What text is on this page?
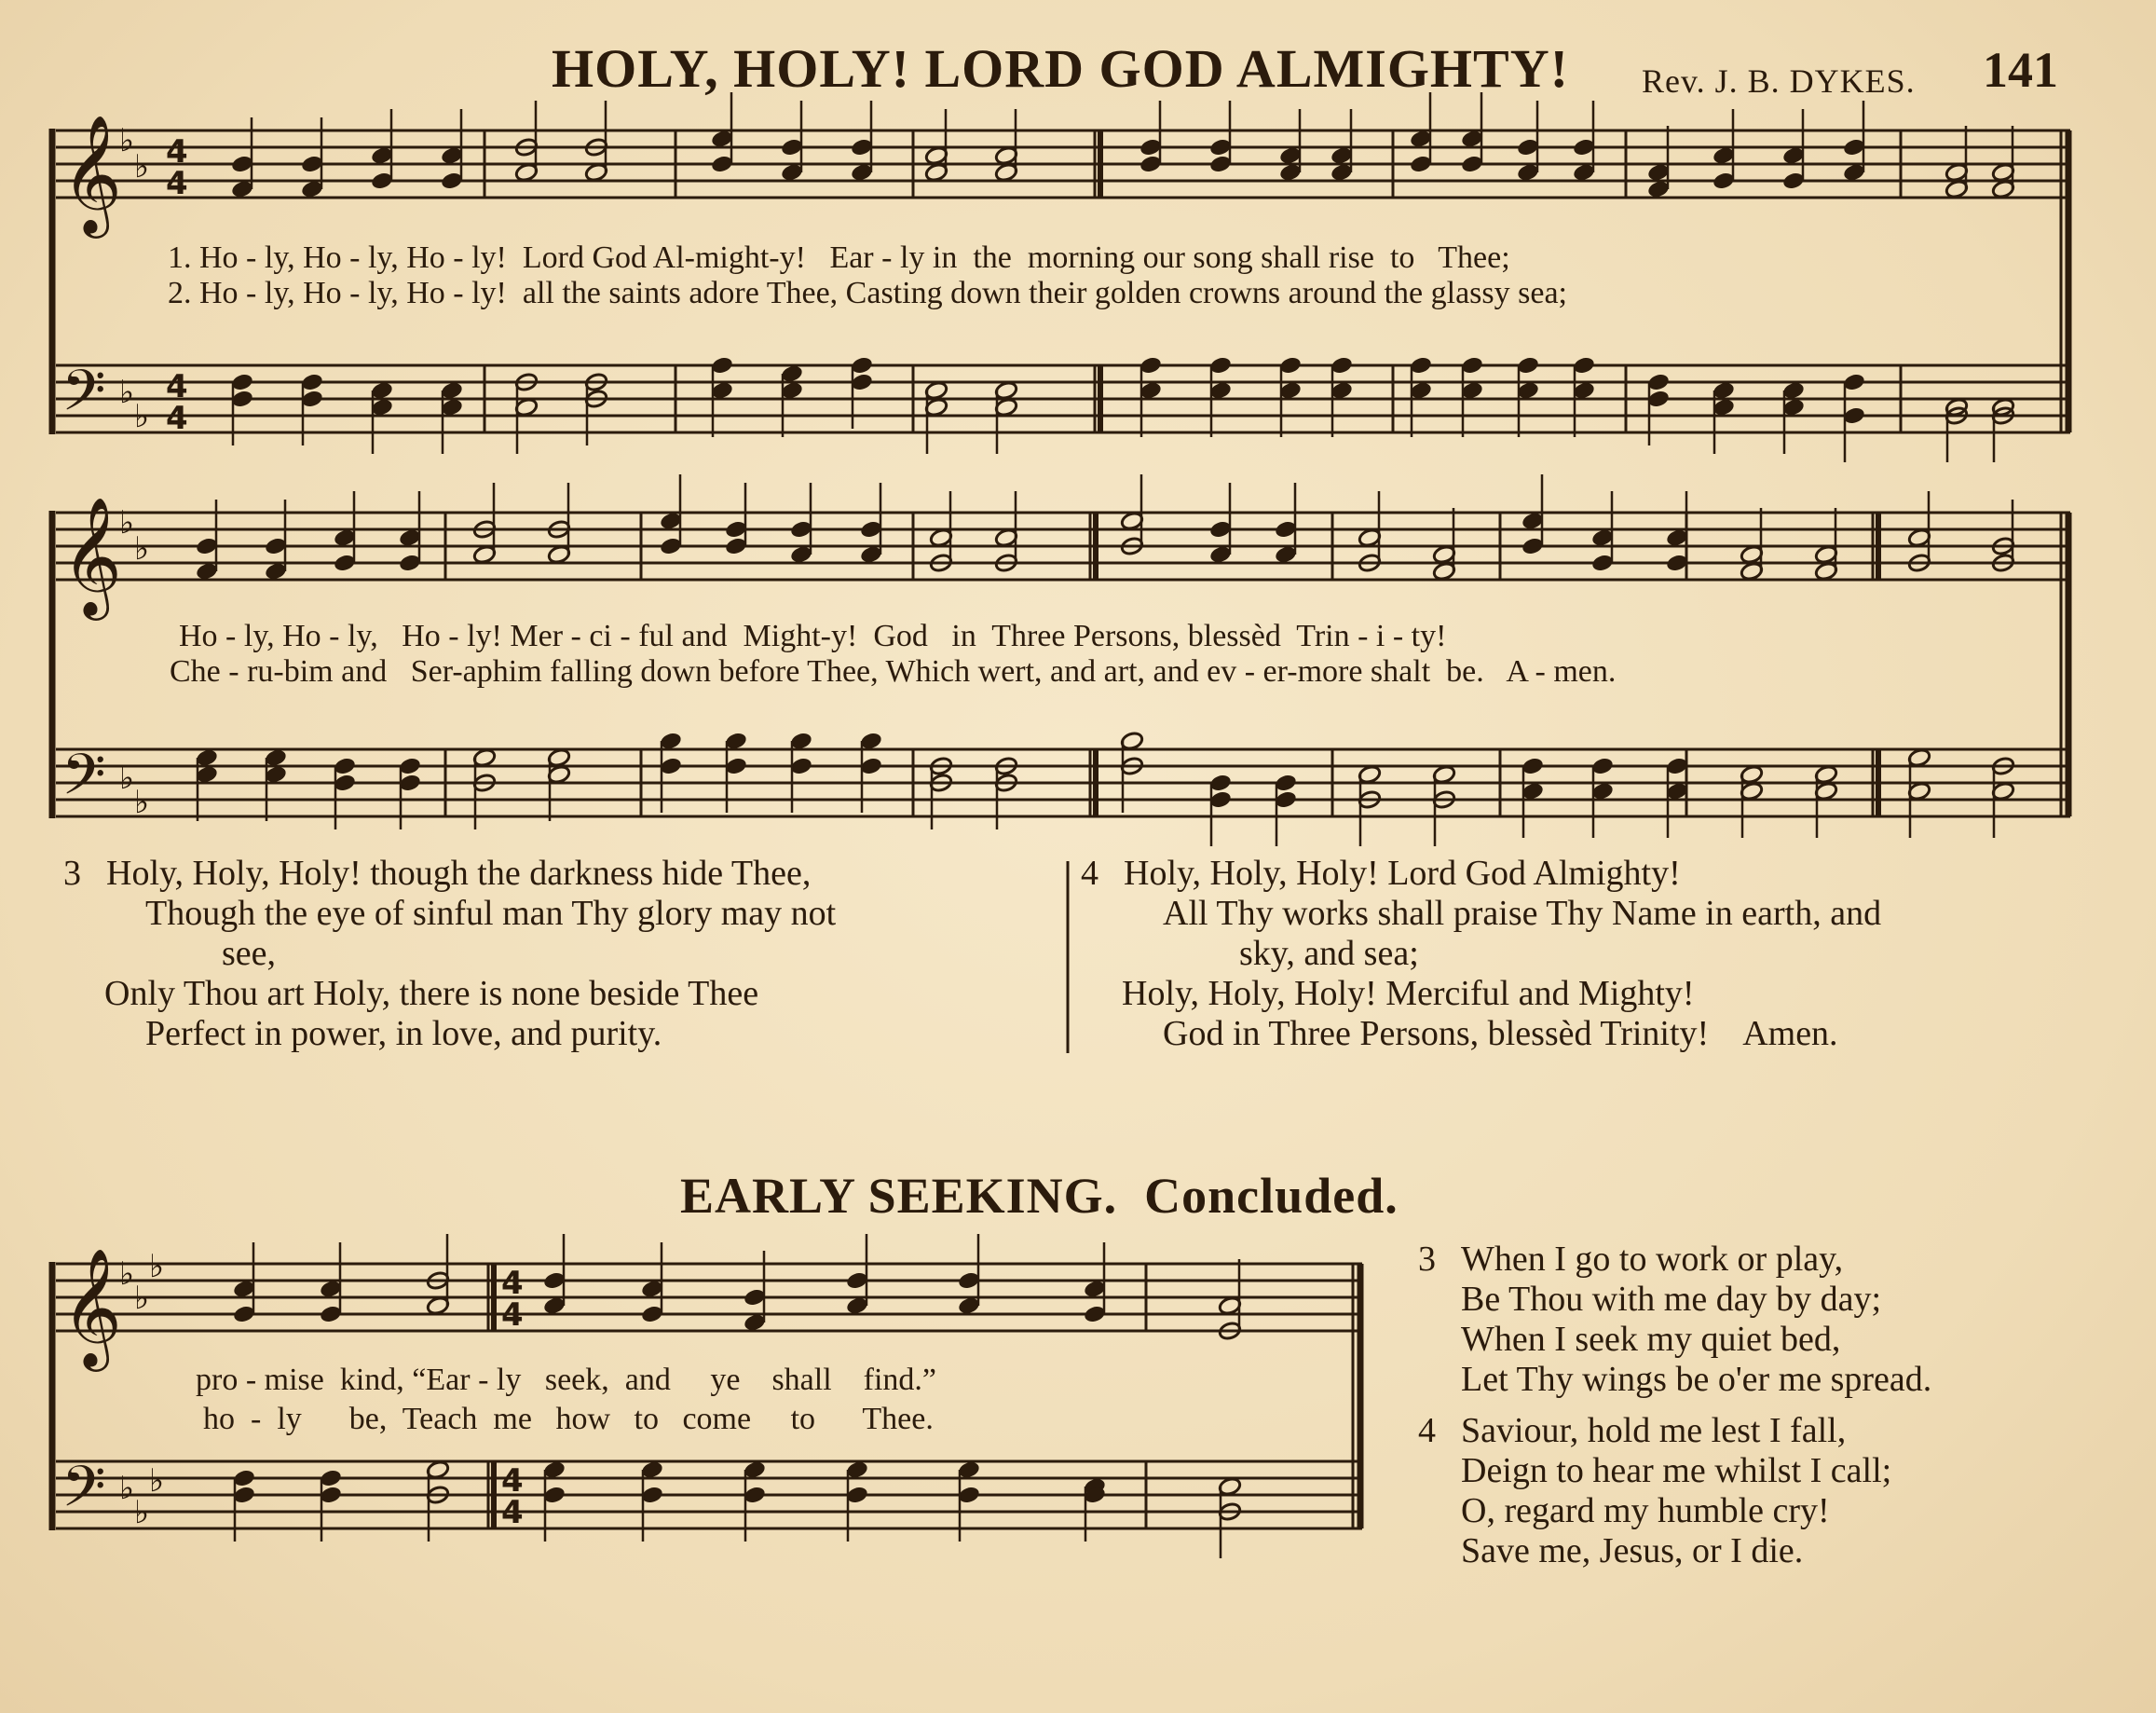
HOLY, HOLY! LORD GOD ALMIGHTY! Rev. J. B. DYKES. 141
𝄞
𝄢
𝄞
𝄢
𝄞
𝄢
♭
♭
♭
♭
♭
♭
♭
♭
♭
♭
♭
♭
♭
♭
4
4
4
4
4
4
4
4
1. Ho - ly, Ho - ly, Ho - ly!  Lord God Al-might-y!   Ear - ly in  the  morning our song shall rise  to   Thee;
2. Ho - ly, Ho - ly, Ho - ly!  all the saints adore Thee, Casting down their golden crowns around the glassy sea;
Ho - ly, Ho - ly,   Ho - ly! Mer - ci - ful and  Might-y!  God   in  Three Persons, blessèd  Trin - i - ty!
Che - ru-bim and   Ser-aphim falling down before Thee, Which wert, and art, and ev - er-more shalt  be.   A - men.
3 Holy, Holy, Holy! though the darkness hide Thee,
Though the eye of sinful man Thy glory may not
see,
Only Thou art Holy, there is none beside Thee
Perfect in power, in love, and purity.
4 Holy, Holy, Holy! Lord God Almighty!
All Thy works shall praise Thy Name in earth, and
sky, and sea;
Holy, Holy, Holy! Merciful and Mighty!
God in Three Persons, blessèd Trinity! Amen.
EARLY SEEKING. Concluded.
pro - mise  kind, “Ear - ly   seek,  and     ye    shall    find.”
ho  -  ly      be,  Teach  me   how   to   come     to      Thee.
3 When I go to work or play,
Be Thou with me day by day;
When I seek my quiet bed,
Let Thy wings be o'er me spread.
4 Saviour, hold me lest I fall,
Deign to hear me whilst I call;
O, regard my humble cry!
Save me, Jesus, or I die.
